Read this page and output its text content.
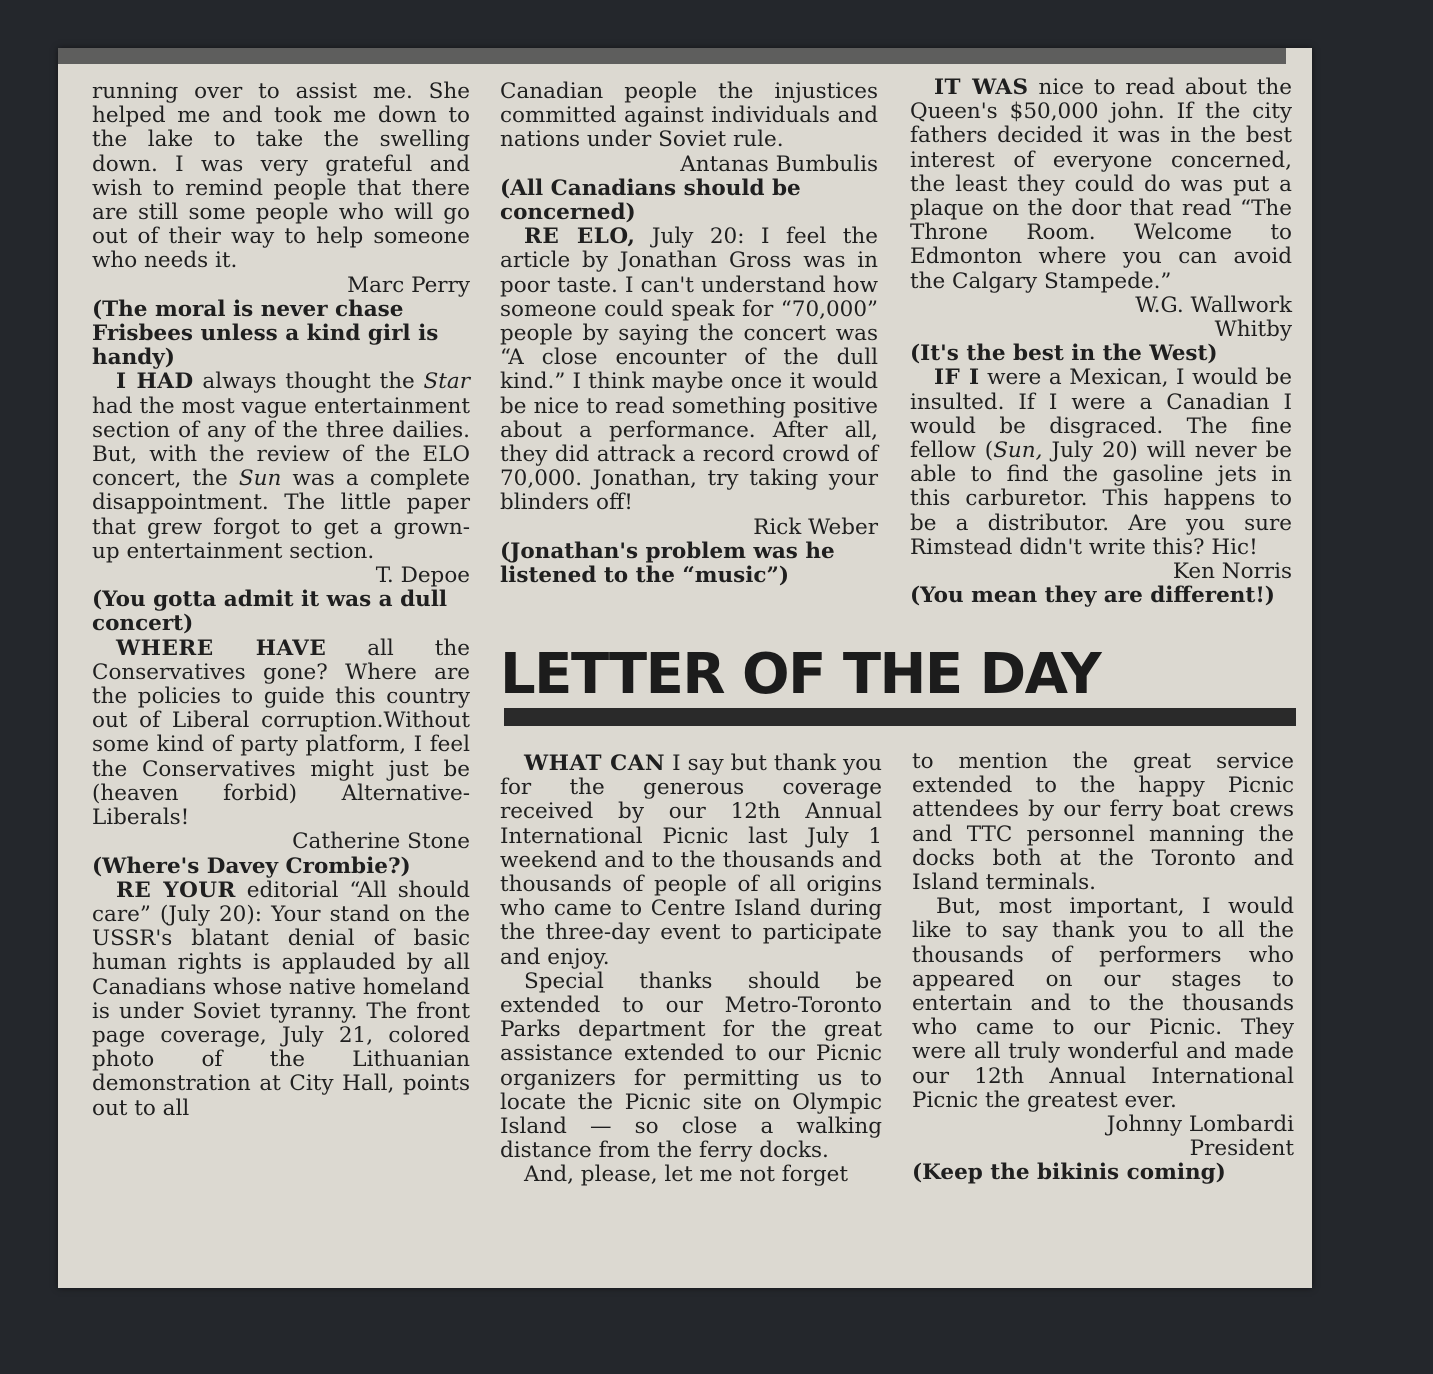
running over to assist me. She helped me and took me down to the lake to take the swelling down. I was very grateful and wish to remind people that there are still some people who will go out of their way to help someone who needs it.

Marc Perry

(The moral is never chase Frisbees unless a kind girl is handy)

I HAD always thought the Star had the most vague entertainment section of any of the three dailies. But, with the review of the ELO concert, the Sun was a complete disappointment. The little paper that grew forgot to get a grown-up entertainment section.

T. Depoe

(You gotta admit it was a dull concert)

WHERE HAVE all the Conservatives gone? Where are the policies to guide this country out of Liberal corruption.Without some kind of party platform, I feel the Conservatives might just be (heaven forbid) Alternative-Liberals!

Catherine Stone

(Where's Davey Crombie?)

RE YOUR editorial “All should care” (July 20): Your stand on the USSR's blatant denial of basic human rights is applauded by all Canadians whose native homeland is under Soviet tyranny. The front page coverage, July 21, colored photo of the Lithuanian demonstration at City Hall, points out to all

Canadian people the injustices committed against individuals and nations under Soviet rule.

Antanas Bumbulis

(All Canadians should be concerned)

RE ELO, July 20: I feel the article by Jonathan Gross was in poor taste. I can't understand how someone could speak for “70,000” people by saying the concert was “A close encounter of the dull kind.” I think maybe once it would be nice to read something positive about a performance. After all, they did attrack a record crowd of 70,000. Jonathan, try taking your blinders off!

Rick Weber

(Jonathan's problem was he listened to the “music”)

IT WAS nice to read about the Queen's $50,000 john. If the city fathers decided it was in the best interest of everyone concerned, the least they could do was put a plaque on the door that read “The Throne Room. Welcome to Edmonton where you can avoid the Calgary Stampede.”

W.G. Wallwork

Whitby

(It's the best in the West)

IF I were a Mexican, I would be insulted. If I were a Canadian I would be disgraced. The fine fellow (Sun, July 20) will never be able to find the gasoline jets in this carburetor. This happens to be a distributor. Are you sure Rimstead didn't write this? Hic!

Ken Norris

(You mean they are different!)

LETTER OF THE DAY

WHAT CAN I say but thank you for the generous coverage received by our 12th Annual International Picnic last July 1 weekend and to the thousands and thousands of people of all origins who came to Centre Island during the three-day event to participate and enjoy.

Special thanks should be extended to our Metro-Toronto Parks department for the great assistance extended to our Picnic organizers for permitting us to locate the Picnic site on Olympic Island — so close a walking distance from the ferry docks.

And, please, let me not forget

to mention the great service extended to the happy Picnic attendees by our ferry boat crews and TTC personnel manning the docks both at the Toronto and Island terminals.

But, most important, I would like to say thank you to all the thousands of performers who appeared on our stages to entertain and to the thousands who came to our Picnic. They were all truly wonderful and made our 12th Annual International Picnic the greatest ever.

Johnny Lombardi

President

(Keep the bikinis coming)
